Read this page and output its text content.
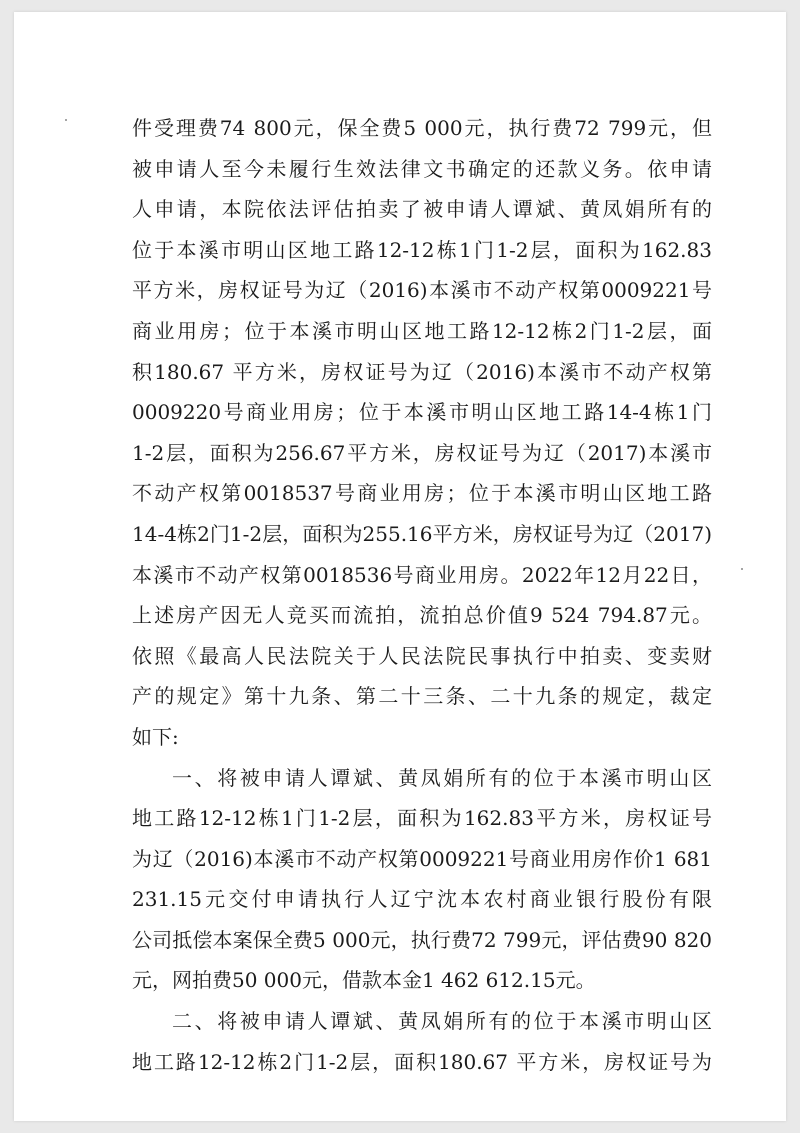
件受理费74 800元，保全费5 000元，执行费72 799元，但
被申请人至今未履行生效法律文书确定的还款义务。依申请
人申请，本院依法评估拍卖了被申请人谭斌、黄凤娟所有的
位于本溪市明山区地工路12-12栋1门1-2层，面积为162.83
平方米，房权证号为辽（2016)本溪市不动产权第0009221号
商业用房；位于本溪市明山区地工路12-12栋2门1-2层，面
积180.67 平方米，房权证号为辽（2016)本溪市不动产权第
0009220号商业用房；位于本溪市明山区地工路14-4栋1门
1-2层，面积为256.67平方米，房权证号为辽（2017)本溪市
不动产权第0018537号商业用房；位于本溪市明山区地工路
14-4栋2门1-2层，面积为255.16平方米，房权证号为辽（2017)
本溪市不动产权第0018536号商业用房。2022年12月22日，
上述房产因无人竞买而流拍，流拍总价值9 524 794.87元。
依照《最高人民法院关于人民法院民事执行中拍卖、变卖财
产的规定》第十九条、第二十三条、二十九条的规定，裁定
如下:
一、将被申请人谭斌、黄凤娟所有的位于本溪市明山区
地工路12-12栋1门1-2层，面积为162.83平方米，房权证号
为辽（2016)本溪市不动产权第0009221号商业用房作价1 681
231.15元交付申请执行人辽宁沈本农村商业银行股份有限
公司抵偿本案保全费5 000元，执行费72 799元，评估费90 820
元，网拍费50 000元，借款本金1 462 612.15元。
二、将被申请人谭斌、黄凤娟所有的位于本溪市明山区
地工路12-12栋2门1-2层，面积180.67 平方米，房权证号为
